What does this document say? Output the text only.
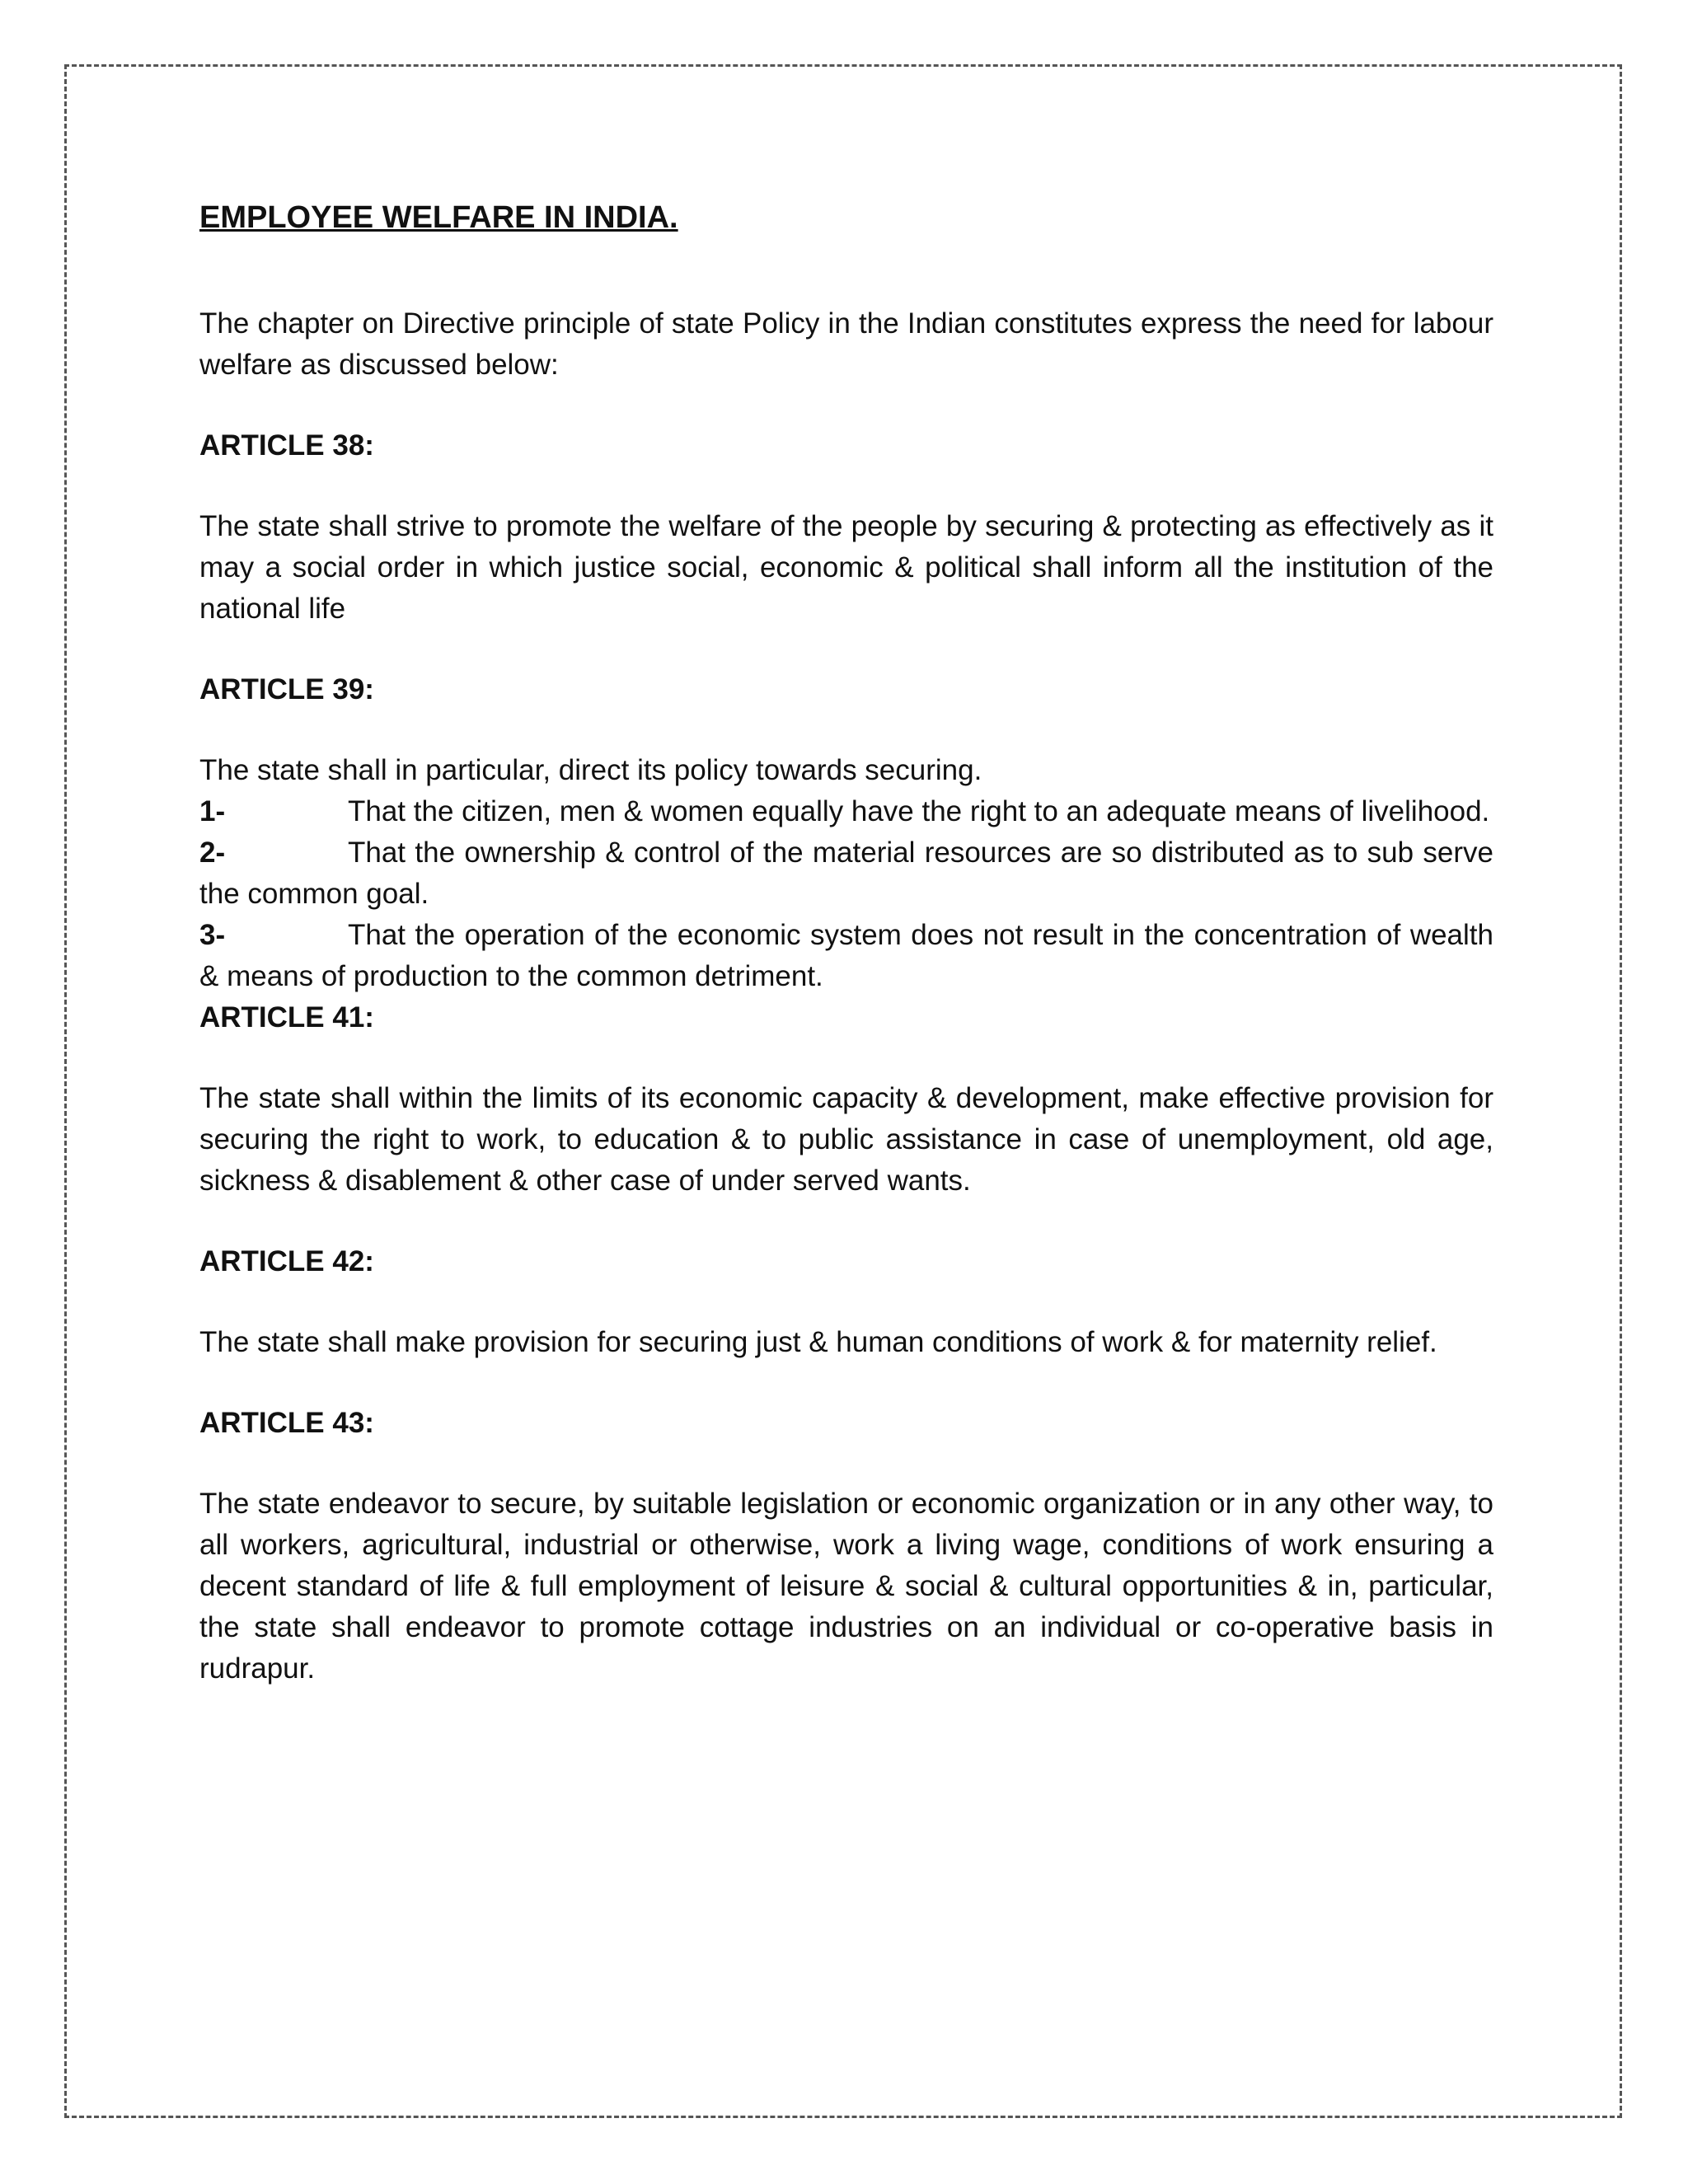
EMPLOYEE WELFARE IN INDIA.

The chapter on Directive principle of state Policy in the Indian constitutes express the need for labour welfare as discussed below:

ARTICLE 38:

The state shall strive to promote the welfare of the people by securing & protecting as effectively as it may a social order in which justice social, economic & political shall inform all the institution of the national life

ARTICLE 39:

The state shall in particular, direct its policy towards securing.

1-	That the citizen, men & women equally have the right to an adequate means of livelihood.

2-	That the ownership & control of the material resources are so distributed as to sub serve the common goal.

3-	That the operation of the economic system does not result in the concentration of wealth & means of production to the common detriment.

ARTICLE 41:

The state shall within the limits of its economic capacity & development, make effective provision for securing the right to work, to education & to public assistance in case of unemployment, old age, sickness & disablement & other case of under served wants.

ARTICLE 42:

The state shall make provision for securing just & human conditions of work & for maternity relief.

ARTICLE 43:

The state endeavor to secure, by suitable legislation or economic organization or in any other way, to all workers, agricultural, industrial or otherwise, work a living wage, conditions of work ensuring a decent standard of life & full employment of leisure & social & cultural opportunities & in, particular, the state shall endeavor to promote cottage industries on an individual or co-operative basis in rudrapur.
